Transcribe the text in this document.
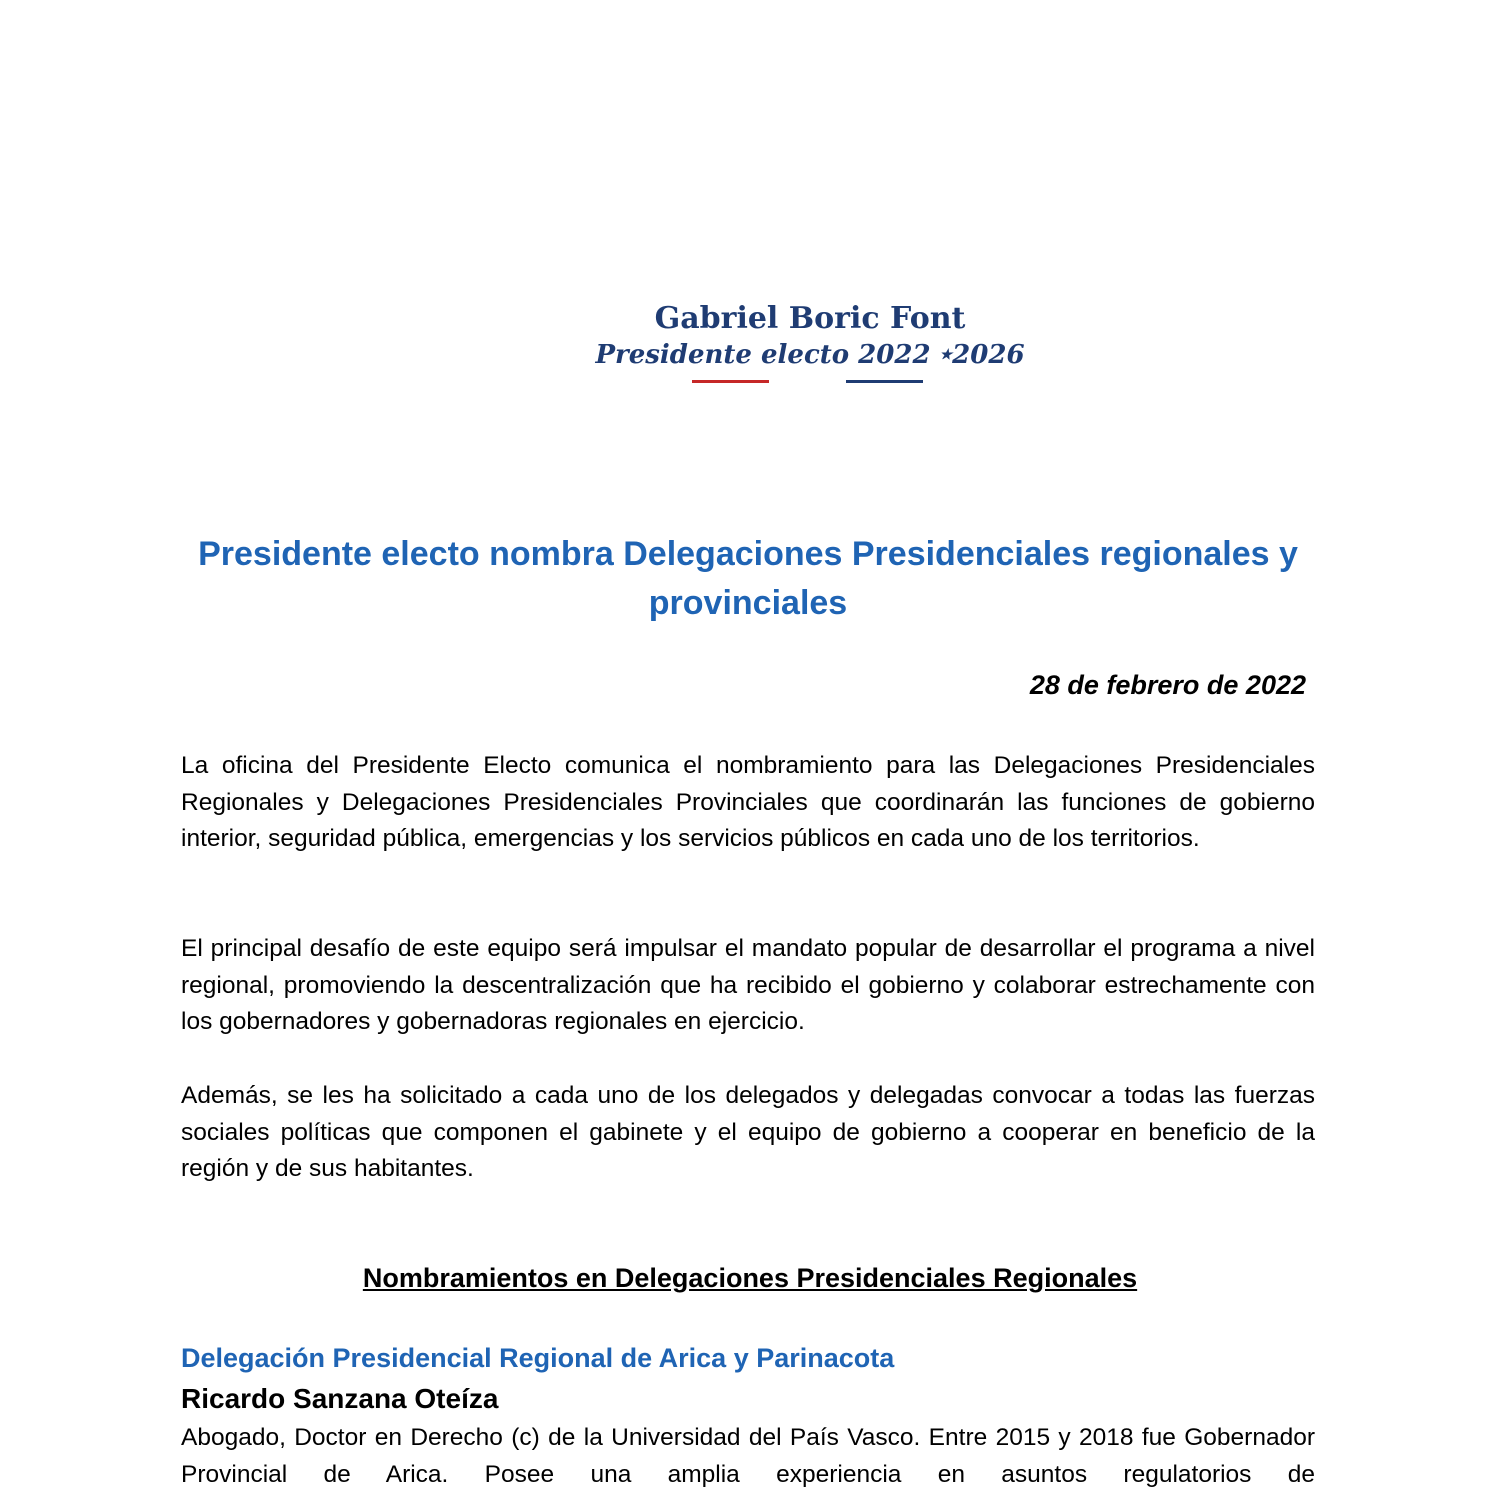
Gabriel Boric Font
Presidente electo 2022 ★2026
Presidente electo nombra Delegaciones Presidenciales regionales y provinciales
28 de febrero de 2022
La oficina del Presidente Electo comunica el nombramiento para las Delegaciones Presidenciales Regionales y Delegaciones Presidenciales Provinciales que coordinarán las funciones de gobierno interior, seguridad pública, emergencias y los servicios públicos en cada uno de los territorios.
El principal desafío de este equipo será impulsar el mandato popular de desarrollar el programa a nivel regional, promoviendo la descentralización que ha recibido el gobierno y colaborar estrechamente con los gobernadores y gobernadoras regionales en ejercicio.
Además, se les ha solicitado a cada uno de los delegados y delegadas convocar a todas las fuerzas sociales políticas que componen el gabinete y el equipo de gobierno a cooperar en beneficio de la región y de sus habitantes.
Nombramientos en Delegaciones Presidenciales Regionales
Delegación Presidencial Regional de Arica y Parinacota
Ricardo Sanzana Oteíza
Abogado, Doctor en Derecho (c) de la Universidad del País Vasco. Entre 2015 y 2018 fue Gobernador Provincial de Arica. Posee una amplia experiencia en asuntos regulatorios de
